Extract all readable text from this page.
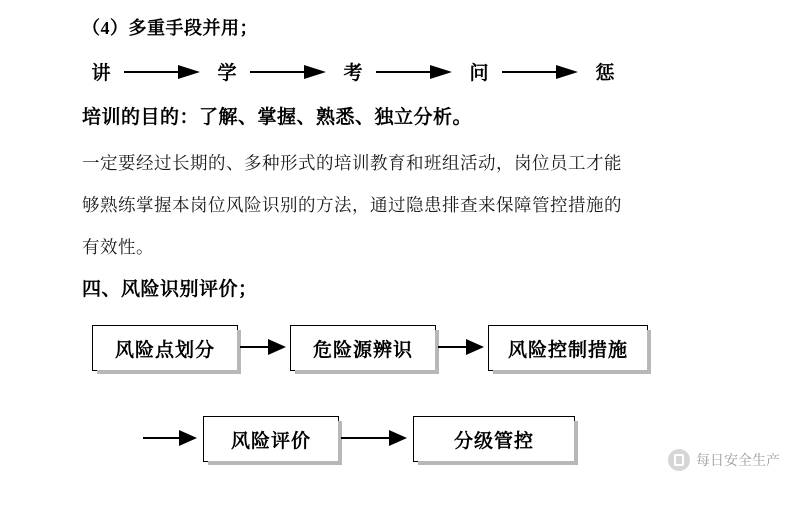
（4）多重手段并用；
讲	学	考	问	惩
培训的目的：了解、掌握、熟悉、独立分析。
一定要经过长期的、多种形式的培训教育和班组活动，岗位员工才能
够熟练掌握本岗位风险识别的方法，通过隐患排查来保障管控措施的
有效性。
四、风险识别评价；
风险点划分	危险源辨识	风险控制措施
风险评价	分级管控
每日安全生产
